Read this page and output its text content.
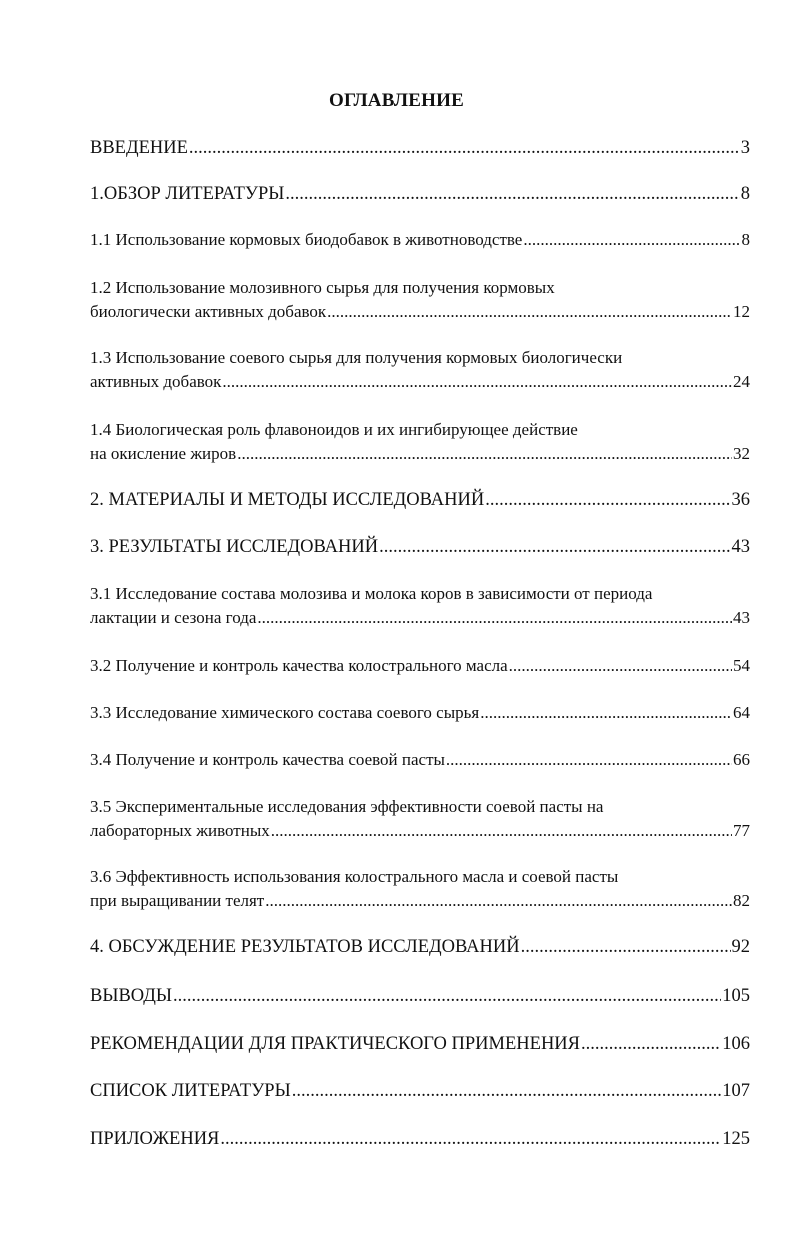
ОГЛАВЛЕНИЕ
ВВЕДЕНИЕ .....	3
1.ОБЗОР ЛИТЕРАТУРЫ .....	8
1.1 Использование кормовых биодобавок в животноводстве .....	8
1.2 Использование молозивного сырья для получения кормовых
биологически активных добавок .....	12
1.3 Использование соевого сырья для получения кормовых биологически
активных добавок .....	24
1.4 Биологическая роль флавоноидов и их ингибирующее действие
на окисление жиров .....	32
2. МАТЕРИАЛЫ И МЕТОДЫ ИССЛЕДОВАНИЙ .....	36
3. РЕЗУЛЬТАТЫ ИССЛЕДОВАНИЙ .....	43
3.1 Исследование состава молозива и молока коров в зависимости от периода
лактации и сезона года .....	43
3.2 Получение и контроль качества колострального масла .....	54
3.3 Исследование химического состава соевого сырья .....	64
3.4 Получение и контроль качества соевой пасты .....	66
3.5 Экспериментальные исследования эффективности соевой пасты на
лабораторных животных .....	77
3.6 Эффективность использования колострального масла и соевой пасты
при выращивании телят .....	82
4. ОБСУЖДЕНИЕ РЕЗУЛЬТАТОВ ИССЛЕДОВАНИЙ .....	92
ВЫВОДЫ .....	105
РЕКОМЕНДАЦИИ ДЛЯ ПРАКТИЧЕСКОГО ПРИМЕНЕНИЯ .....	106
СПИСОК ЛИТЕРАТУРЫ .....	107
ПРИЛОЖЕНИЯ .....	125
